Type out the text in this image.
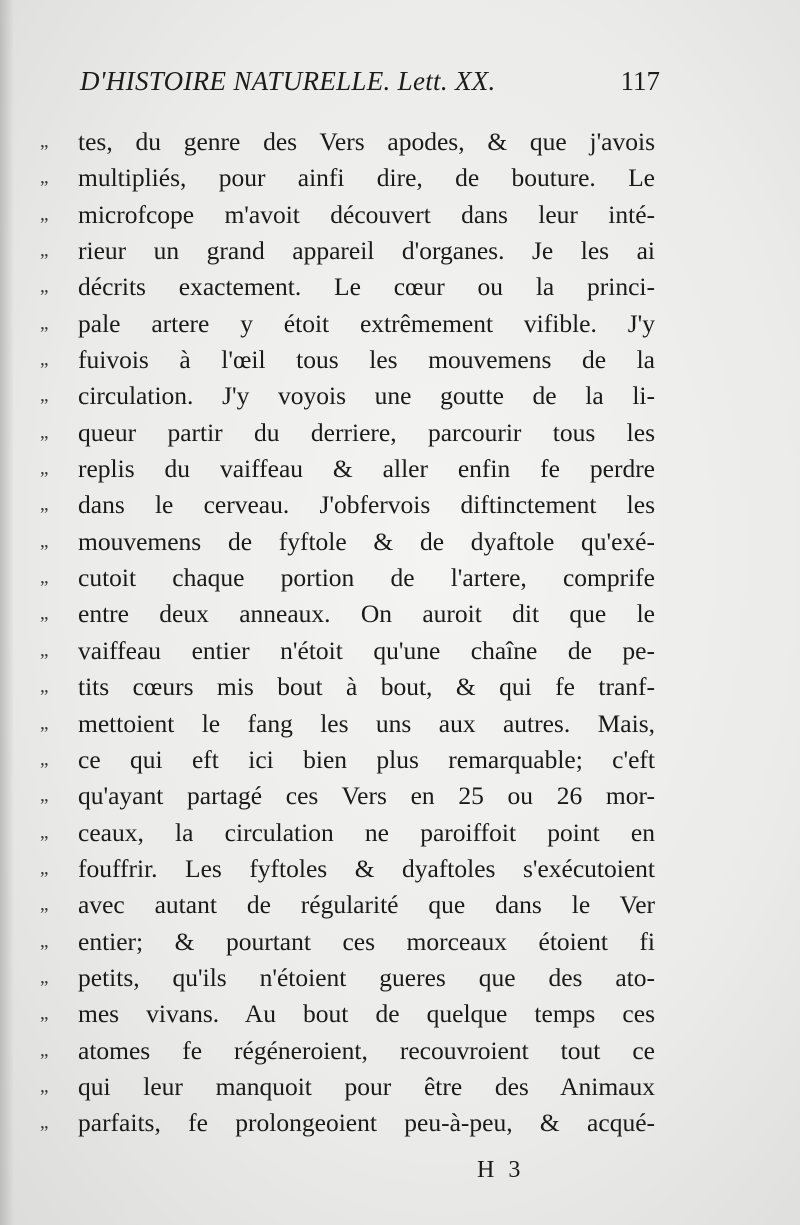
D'HISTOIRE NATURELLE. Lett. XX.	117
„	tes, du genre des Vers apodes, & que j'avois
„	multipliés, pour ainfi dire, de bouture. Le
„	microfcope m'avoit découvert dans leur inté-
„	rieur un grand appareil d'organes. Je les ai
„	décrits exactement. Le cœur ou la princi-
„	pale artere y étoit extrêmement vifible. J'y
„	fuivois à l'œil tous les mouvemens de la
„	circulation. J'y voyois une goutte de la li-
„	queur partir du derriere, parcourir tous les
„	replis du vaiffeau & aller enfin fe perdre
„	dans le cerveau. J'obfervois diftinctement les
„	mouvemens de fyftole & de dyaftole qu'exé-
„	cutoit chaque portion de l'artere, comprife
„	entre deux anneaux. On auroit dit que le
„	vaiffeau entier n'étoit qu'une chaîne de pe-
„	tits cœurs mis bout à bout, & qui fe tranf-
„	mettoient le fang les uns aux autres. Mais,
„	ce qui eft ici bien plus remarquable; c'eft
„	qu'ayant partagé ces Vers en 25 ou 26 mor-
„	ceaux, la circulation ne paroiffoit point en
„	fouffrir. Les fyftoles & dyaftoles s'exécutoient
„	avec autant de régularité que dans le Ver
„	entier; & pourtant ces morceaux étoient fi
„	petits, qu'ils n'étoient gueres que des ato-
„	mes vivans. Au bout de quelque temps ces
„	atomes fe régéneroient, recouvroient tout ce
„	qui leur manquoit pour être des Animaux
„	parfaits, fe prolongeoient peu-à-peu, & acqué-
H 3
